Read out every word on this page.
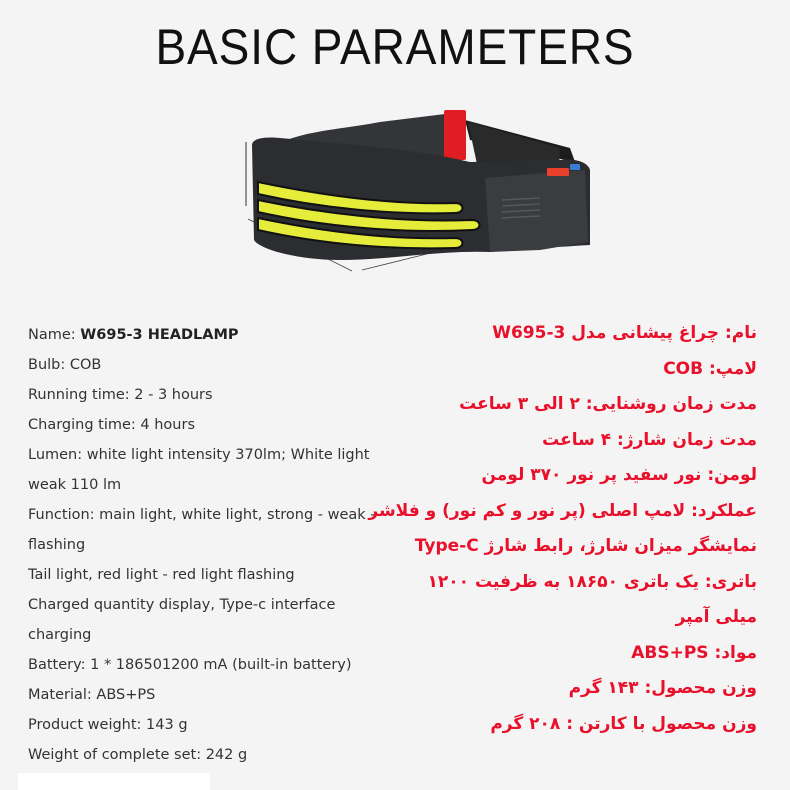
BASIC PARAMETERS
Name: W695-3 HEADLAMP
Bulb: COB
Running time: 2 - 3 hours
Charging time: 4 hours
Lumen: white light intensity 370lm; White light
weak 110 lm
Function: main light, white light, strong - weak -
flashing
Tail light, red light - red light flashing
Charged quantity display, Type-c interface
charging
Battery: 1 * 186501200 mA (built-in battery)
Material: ABS+PS
Product weight: 143 g
Weight of complete set: 242 g
نام: چراغ پیشانی مدل W695-3
لامپ: COB
مدت زمان روشنایی: ۲ الی ۳ ساعت
مدت زمان شارژ: ۴ ساعت
لومن: نور سفید پر نور ۳۷۰ لومن
عملکرد: لامپ اصلی (پر نور و کم نور) و فلاشر
نمایشگر میزان شارژ، رابط شارژ Type-C
باتری: یک باتری ۱۸۶۵۰ به ظرفیت ۱۲۰۰
میلی آمپر
مواد: ABS+PS
وزن محصول: ۱۴۳ گرم
وزن محصول با کارتن : ۲۰۸ گرم
